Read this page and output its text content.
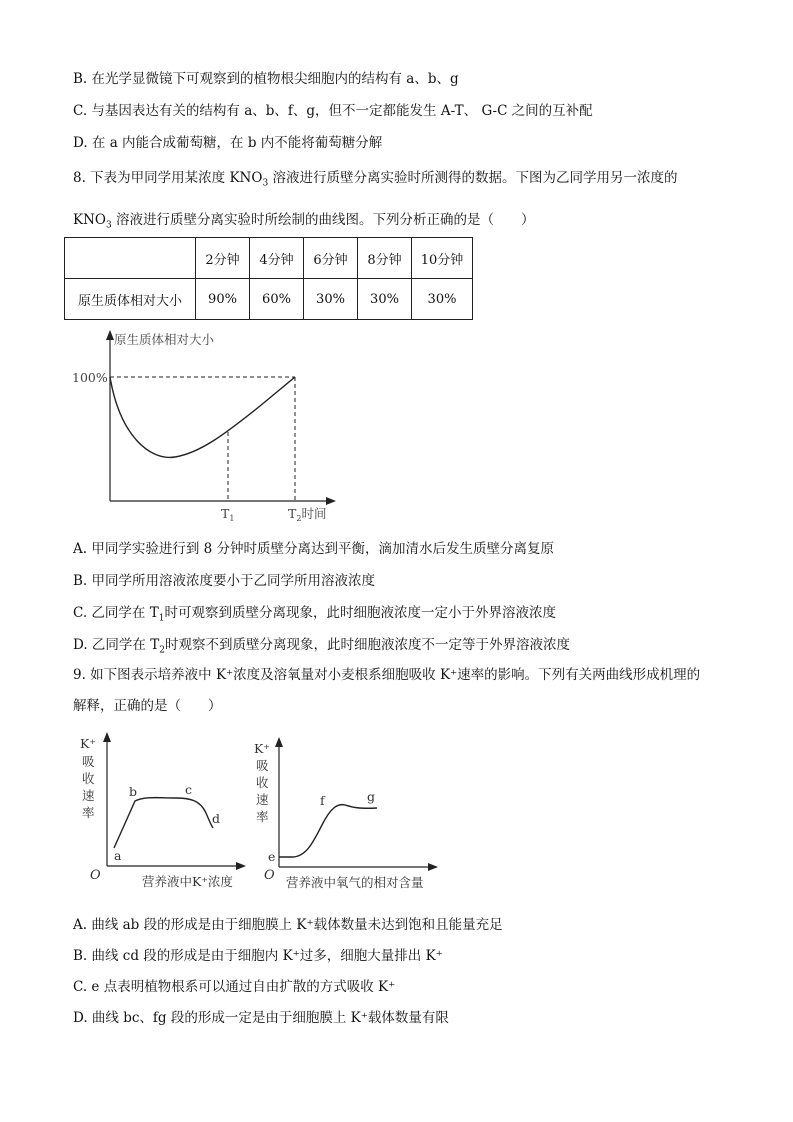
B. 在光学显微镜下可观察到的植物根尖细胞内的结构有 a、b、g
C. 与基因表达有关的结构有 a、b、f、g，但不一定都能发生 A-T、 G-C 之间的互补配
D. 在 a 内能合成葡萄糖，在 b 内不能将葡萄糖分解
8. 下表为甲同学用某浓度 $KNO_3$ 溶液进行质壁分离实验时所测得的数据。下图为乙同学用另一浓度的
$KNO_3$ 溶液进行质壁分离实验时所绘制的曲线图。下列分析正确的是（　　）
	2分钟	4分钟	6分钟	8分钟	10分钟
原生质体相对大小	90%	60%	30%	30%	30%
原生质体相对大小
100%
$T_1$	$T_2$时间
A. 甲同学实验进行到 8 分钟时质壁分离达到平衡，滴加清水后发生质壁分离复原
B. 甲同学所用溶液浓度要小于乙同学所用溶液浓度
C. 乙同学在 $T_1$时可观察到质壁分离现象，此时细胞液浓度一定小于外界溶液浓度
D. 乙同学在 $T_2$时观察不到质壁分离现象，此时细胞液浓度不一定等于外界溶液浓度
9. 如下图表示培养液中 K⁺浓度及溶氧量对小麦根系细胞吸收 K⁺速率的影响。下列有关两曲线形成机理的
解释，正确的是（　　）
K⁺
吸
收
速
率
O	营养液中K⁺浓度
a
b	c
d
K⁺
吸
收
速
率
O 营养液中氧气的相对含量
e
f	g
A. 曲线 ab 段的形成是由于细胞膜上 K⁺载体数量未达到饱和且能量充足
B. 曲线 cd 段的形成是由于细胞内 K⁺过多，细胞大量排出 K⁺
C. e 点表明植物根系可以通过自由扩散的方式吸收 K⁺
D. 曲线 bc、fg 段的形成一定是由于细胞膜上 K⁺载体数量有限
